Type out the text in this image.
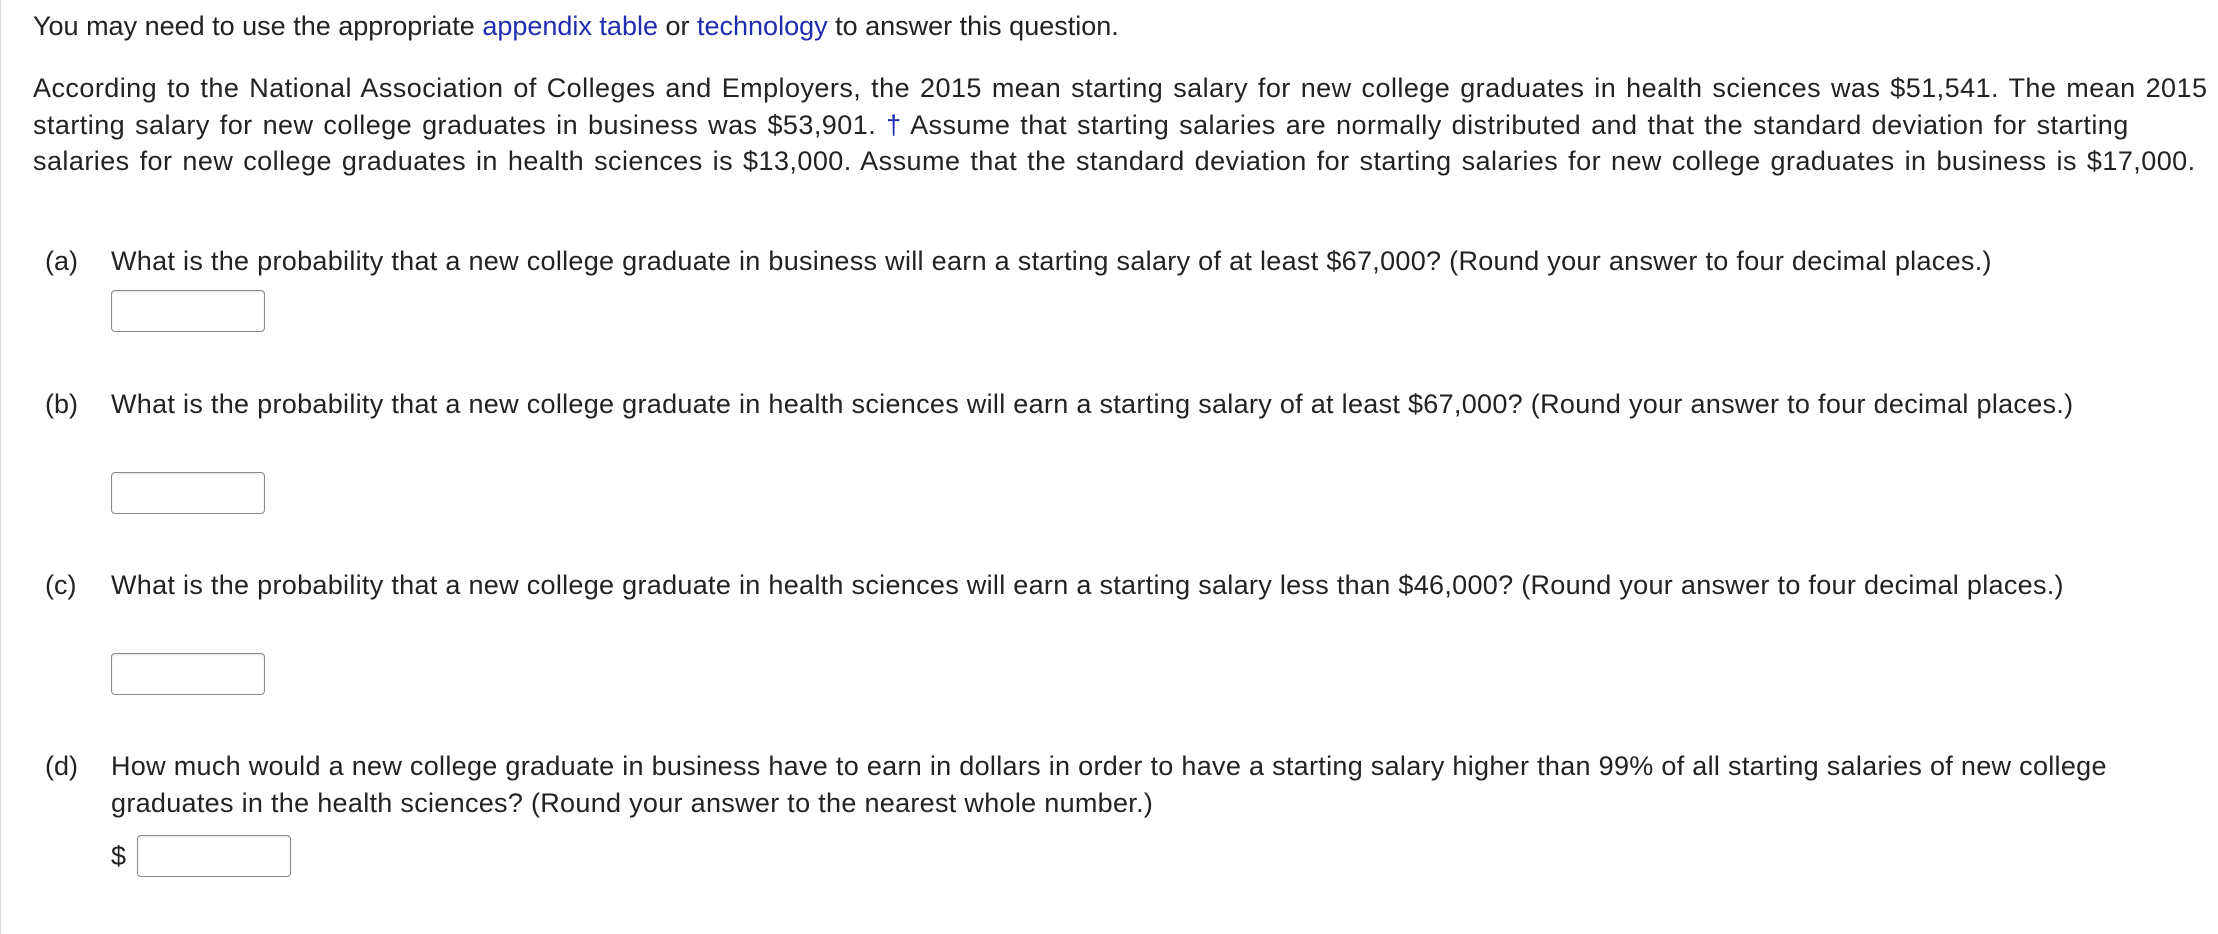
You may need to use the appropriate appendix table or technology to answer this question.

According to the National Association of Colleges and Employers, the 2015 mean starting salary for new college graduates in health sciences was $51,541. The mean 2015 starting salary for new college graduates in business was $53,901. † Assume that starting salaries are normally distributed and that the standard deviation for starting salaries for new college graduates in health sciences is $13,000. Assume that the standard deviation for starting salaries for new college graduates in business is $17,000.

(a) What is the probability that a new college graduate in business will earn a starting salary of at least $67,000? (Round your answer to four decimal places.)

(b) What is the probability that a new college graduate in health sciences will earn a starting salary of at least $67,000? (Round your answer to four decimal places.)

(c) What is the probability that a new college graduate in health sciences will earn a starting salary less than $46,000? (Round your answer to four decimal places.)

(d) How much would a new college graduate in business have to earn in dollars in order to have a starting salary higher than 99% of all starting salaries of new college graduates in the health sciences? (Round your answer to the nearest whole number.)

$
